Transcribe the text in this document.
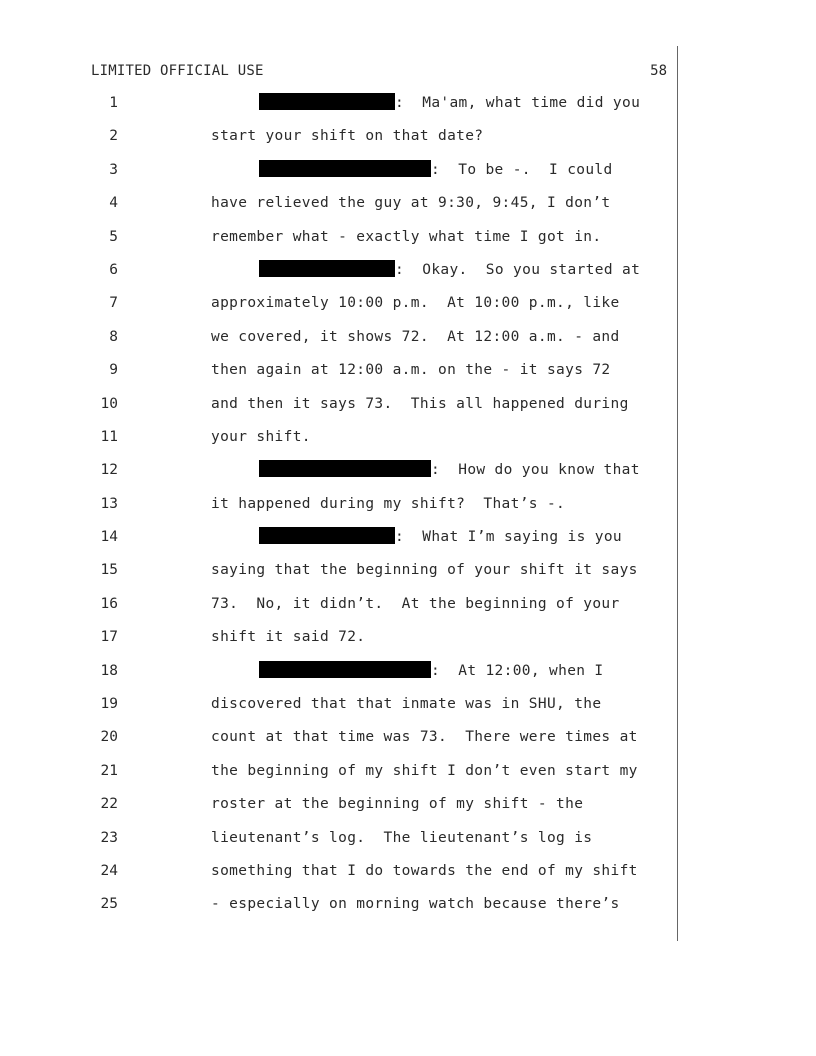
LIMITED OFFICIAL USE	58
1	:  Ma'am, what time did you
2	start your shift on that date?
3	:  To be -.  I could
4	have relieved the guy at 9:30, 9:45, I don’t
5	remember what - exactly what time I got in.
6	:  Okay.  So you started at
7	approximately 10:00 p.m.  At 10:00 p.m., like
8	we covered, it shows 72.  At 12:00 a.m. - and
9	then again at 12:00 a.m. on the - it says 72
10	and then it says 73.  This all happened during
11	your shift.
12	:  How do you know that
13	it happened during my shift?  That’s -.
14	:  What I’m saying is you
15	saying that the beginning of your shift it says
16	73.  No, it didn’t.  At the beginning of your
17	shift it said 72.
18	:  At 12:00, when I
19	discovered that that inmate was in SHU, the
20	count at that time was 73.  There were times at
21	the beginning of my shift I don’t even start my
22	roster at the beginning of my shift - the
23	lieutenant’s log.  The lieutenant’s log is
24	something that I do towards the end of my shift
25	- especially on morning watch because there’s
